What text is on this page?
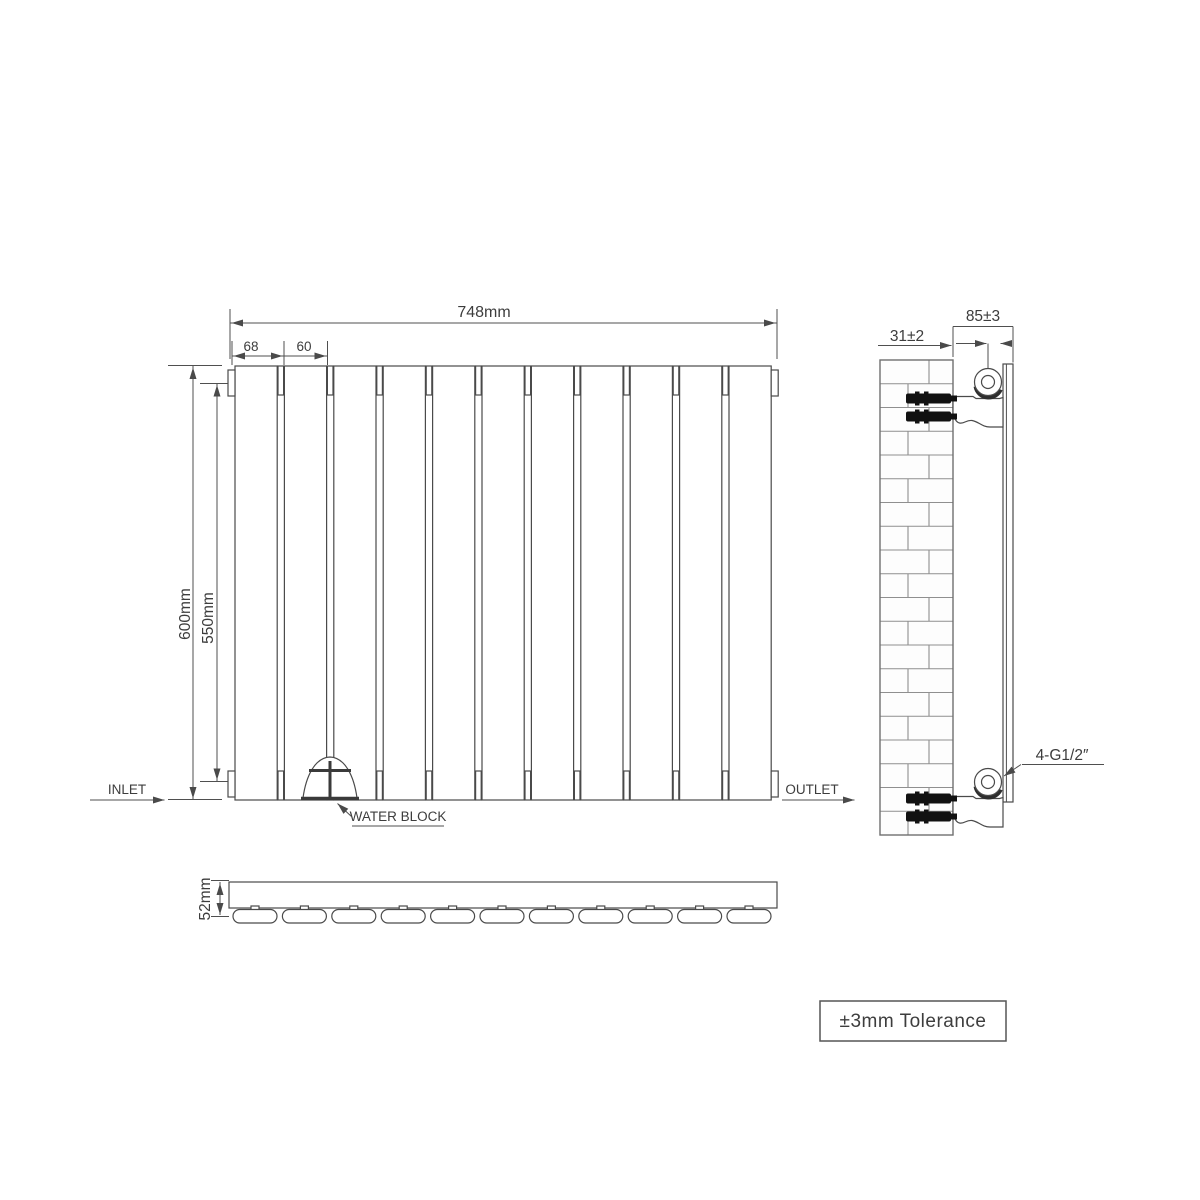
748mm
68	60
600mm 550mm
INLET	OUTLET
WATER BLOCK
52mm
31±2
85±3
4-G1/2″
±3mm Tolerance
